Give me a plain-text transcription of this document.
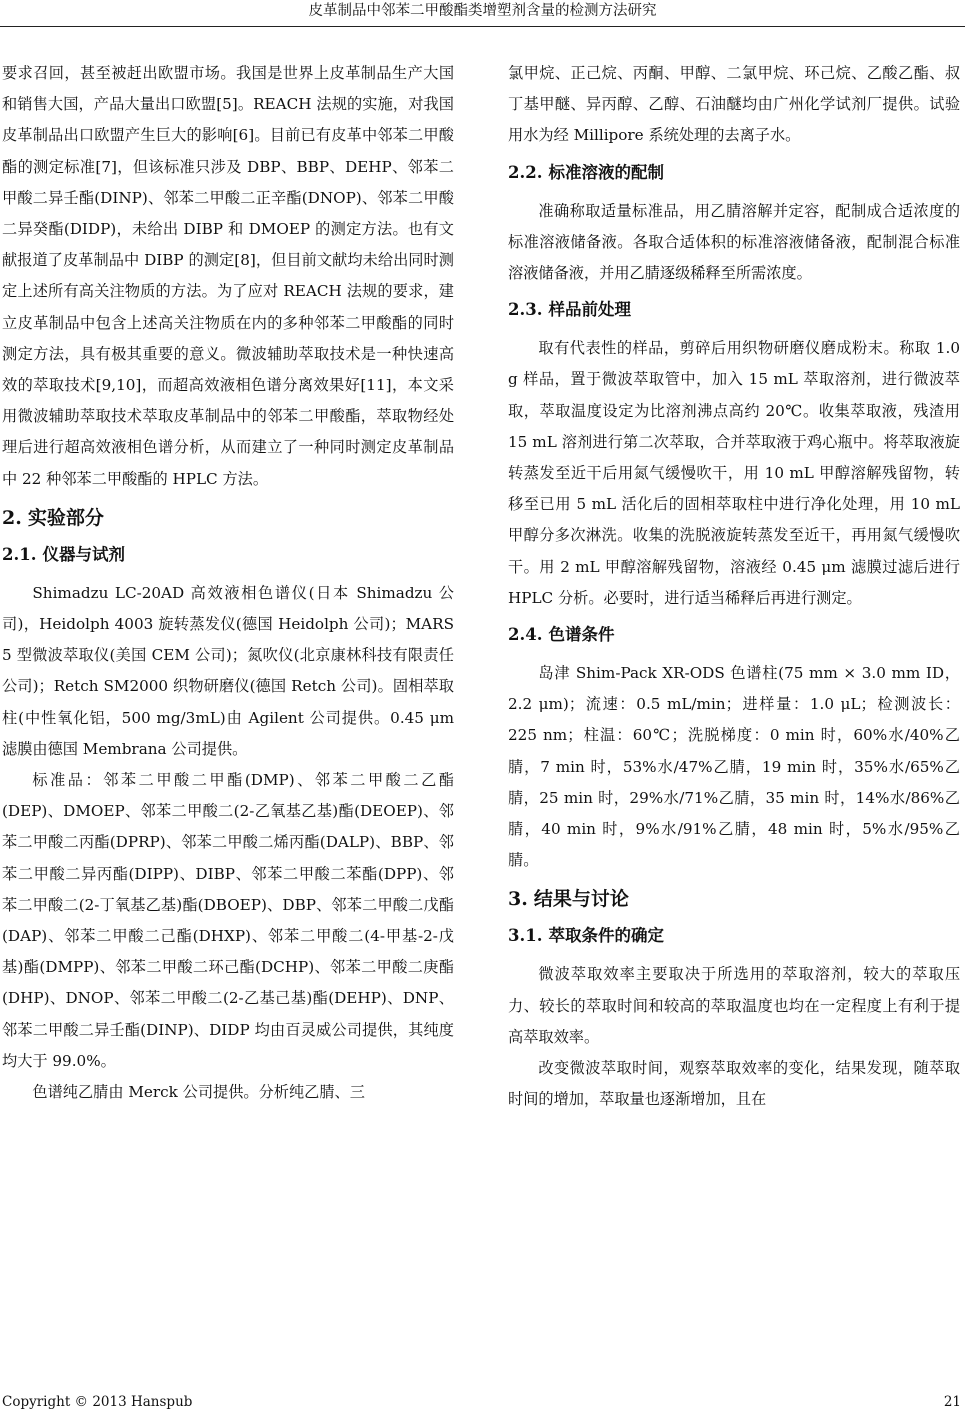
皮革制品中邻苯二甲酸酯类增塑剂含量的检测方法研究

要求召回，甚至被赶出欧盟市场。我国是世界上皮革制品生产大国和销售大国，产品大量出口欧盟[5]。REACH 法规的实施，对我国皮革制品出口欧盟产生巨大的影响[6]。目前已有皮革中邻苯二甲酸酯的测定标准[7]，但该标准只涉及 DBP、BBP、DEHP、邻苯二甲酸二异壬酯(DINP)、邻苯二甲酸二正辛酯(DNOP)、邻苯二甲酸二异癸酯(DIDP)，未给出 DIBP 和 DMOEP 的测定方法。也有文献报道了皮革制品中 DIBP 的测定[8]，但目前文献均未给出同时测定上述所有高关注物质的方法。为了应对 REACH 法规的要求，建立皮革制品中包含上述高关注物质在内的多种邻苯二甲酸酯的同时测定方法，具有极其重要的意义。微波辅助萃取技术是一种快速高效的萃取技术[9,10]，而超高效液相色谱分离效果好[11]，本文采用微波辅助萃取技术萃取皮革制品中的邻苯二甲酸酯，萃取物经处理后进行超高效液相色谱分析，从而建立了一种同时测定皮革制品中 22 种邻苯二甲酸酯的 HPLC 方法。

2. 实验部分
2.1. 仪器与试剂

Shimadzu LC-20AD 高效液相色谱仪(日本 Shimadzu 公司)，Heidolph 4003 旋转蒸发仪(德国 Heidolph 公司)；MARS 5 型微波萃取仪(美国 CEM 公司)；氮吹仪(北京康林科技有限责任公司)；Retch SM2000 织物研磨仪(德国 Retch 公司)。固相萃取柱(中性氧化铝，500 mg/3mL)由 Agilent 公司提供。0.45 μm 滤膜由德国 Membrana 公司提供。

标准品：邻苯二甲酸二甲酯(DMP)、邻苯二甲酸二乙酯(DEP)、DMOEP、邻苯二甲酸二(2-乙氧基乙基)酯(DEOEP)、邻苯二甲酸二丙酯(DPRP)、邻苯二甲酸二烯丙酯(DALP)、BBP、邻苯二甲酸二异丙酯(DIPP)、DIBP、邻苯二甲酸二苯酯(DPP)、邻苯二甲酸二(2-丁氧基乙基)酯(DBOEP)、DBP、邻苯二甲酸二戊酯(DAP)、邻苯二甲酸二己酯(DHXP)、邻苯二甲酸二(4-甲基-2-戊基)酯(DMPP)、邻苯二甲酸二环己酯(DCHP)、邻苯二甲酸二庚酯(DHP)、DNOP、邻苯二甲酸二(2-乙基己基)酯(DEHP)、DNP、邻苯二甲酸二异壬酯(DINP)、DIDP 均由百灵威公司提供，其纯度均大于 99.0%。

色谱纯乙腈由 Merck 公司提供。分析纯乙腈、三

氯甲烷、正己烷、丙酮、甲醇、二氯甲烷、环己烷、乙酸乙酯、叔丁基甲醚、异丙醇、乙醇、石油醚均由广州化学试剂厂提供。试验用水为经 Millipore 系统处理的去离子水。

2.2. 标准溶液的配制

准确称取适量标准品，用乙腈溶解并定容，配制成合适浓度的标准溶液储备液。各取合适体积的标准溶液储备液，配制混合标准溶液储备液，并用乙腈逐级稀释至所需浓度。

2.3. 样品前处理

取有代表性的样品，剪碎后用织物研磨仪磨成粉末。称取 1.0 g 样品，置于微波萃取管中，加入 15 mL 萃取溶剂，进行微波萃取，萃取温度设定为比溶剂沸点高约 20℃。收集萃取液，残渣用 15 mL 溶剂进行第二次萃取，合并萃取液于鸡心瓶中。将萃取液旋转蒸发至近干后用氮气缓慢吹干，用 10 mL 甲醇溶解残留物，转移至已用 5 mL 活化后的固相萃取柱中进行净化处理，用 10 mL 甲醇分多次淋洗。收集的洗脱液旋转蒸发至近干，再用氮气缓慢吹干。用 2 mL 甲醇溶解残留物，溶液经 0.45 μm 滤膜过滤后进行 HPLC 分析。必要时，进行适当稀释后再进行测定。

2.4. 色谱条件

岛津 Shim-Pack XR-ODS 色谱柱(75 mm × 3.0 mm ID，2.2 μm)；流速：0.5 mL/min；进样量：1.0 μL；检测波长：225 nm；柱温：60℃；洗脱梯度：0 min 时，60%水/40%乙腈，7 min 时，53%水/47%乙腈，19 min 时，35%水/65%乙腈，25 min 时，29%水/71%乙腈，35 min 时，14%水/86%乙腈，40 min 时，9%水/91%乙腈，48 min 时，5%水/95%乙腈。

3. 结果与讨论
3.1. 萃取条件的确定

微波萃取效率主要取决于所选用的萃取溶剂，较大的萃取压力、较长的萃取时间和较高的萃取温度也均在一定程度上有利于提高萃取效率。

改变微波萃取时间，观察萃取效率的变化，结果发现，随萃取时间的增加，萃取量也逐渐增加，且在

Copyright © 2013 Hanspub	21
